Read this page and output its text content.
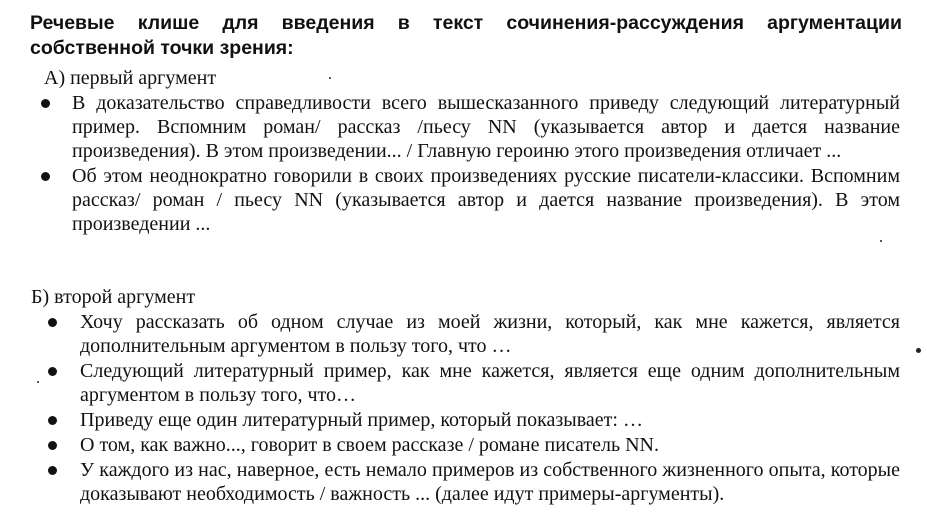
Речевые клише для введения в текст сочинения-рассуждения аргументации собственной точки зрения:
А) первый аргумент
В доказательство справедливости всего вышесказанного приведу следующий литературный пример. Вспомним роман/ рассказ /пьесу NN (указывается автор и дается название произведения). В этом произведении... / Главную героиню этого произведения отличает ...
Об этом неоднократно говорили в своих произведениях русские писатели-классики. Вспомним рассказ/ роман / пьесу NN (указывается автор и дается название произведения). В этом произведении ...
Б) второй аргумент
Хочу рассказать об одном случае из моей жизни, который, как мне кажется, является дополнительным аргументом в пользу того, что …
Следующий литературный пример, как мне кажется, является еще одним дополнительным аргументом в пользу того, что…
Приведу еще один литературный пример, который показывает: …
О том, как важно..., говорит в своем рассказе / романе писатель NN.
У каждого из нас, наверное, есть немало примеров из собственного жизненного опыта, которые доказывают необходимость / важность ... (далее идут примеры-аргументы).
